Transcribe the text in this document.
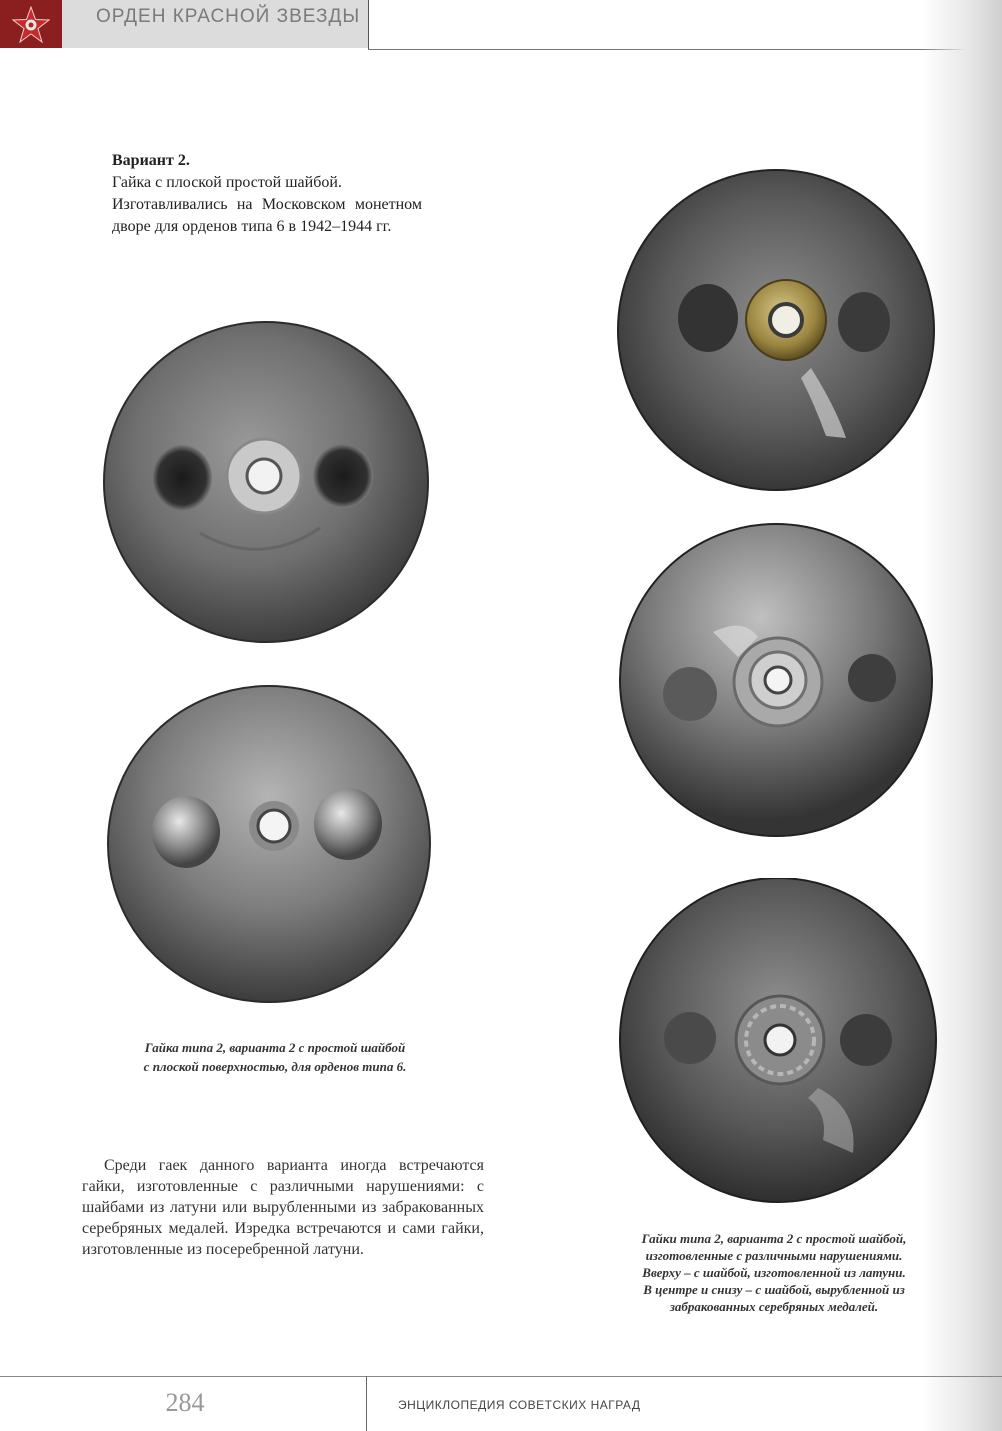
ОРДЕН КРАСНОЙ ЗВЕЗДЫ
Вариант 2.

Гайка с плоской простой шайбой.

Изготавливались на Московском монетном дворе для орденов типа 6 в 1942–1944 гг.

Гайка типа 2, варианта 2 с простой шайбой
с плоской поверхностью, для орденов типа 6.

Среди гаек данного варианта иногда встречаются гайки, изготовленные с различными нарушениями: с шайбами из латуни или вырубленными из забракованных серебряных медалей. Изредка встречаются и сами гайки, изготовленные из посеребренной латуни.

Гайки типа 2, варианта 2 с простой шайбой,
изготовленные с различными нарушениями.
Вверху – с шайбой, изготовленной из латуни.
В центре и снизу – с шайбой, вырубленной из
забракованных серебряных медалей.
284	ЭНЦИКЛОПЕДИЯ СОВЕТСКИХ НАГРАД
